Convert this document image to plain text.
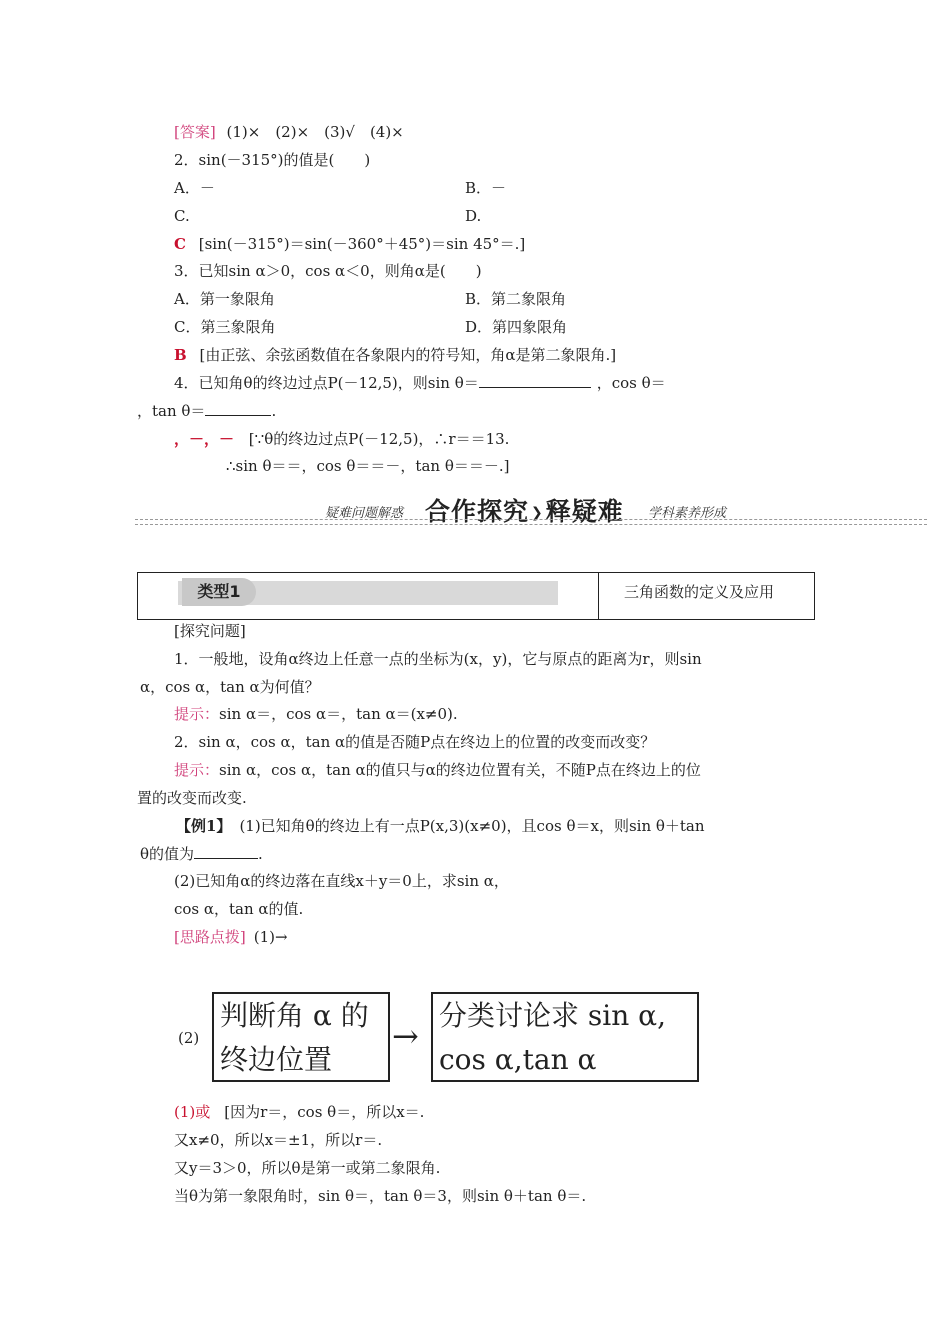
[答案] (1)×　(2)×　(3)√　(4)×
2．sin(－315°)的值是(　　)
A．－	B．－
C.	D.
C [sin(－315°)＝sin(－360°＋45°)＝sin 45°＝.]
3．已知sin α＞0，cos α＜0，则角α是(　　)
A．第一象限角	B．第二象限角
C．第三象限角	D．第四象限角
B [由正弦、余弦函数值在各象限内的符号知，角α是第二象限角.]
4．已知角θ的终边过点P(－12,5)，则sin θ＝	，cos θ＝
，tan θ＝	.
，－，－ [∵θ的终边过点P(－12,5)，∴r＝＝13.
∴sin θ＝＝，cos θ＝＝－，tan θ＝＝－.]
疑难问题解惑 合作探究 ❯释疑难 学科素养形成
类型1	三角函数的定义及应用
[探究问题]
1．一般地，设角α终边上任意一点的坐标为(x，y)，它与原点的距离为r，则sin
α，cos α，tan α为何值？
提示：sin α＝，cos α＝，tan α＝(x≠0).
2．sin α，cos α，tan α的值是否随P点在终边上的位置的改变而改变？
提示：sin α，cos α，tan α的值只与α的终边位置有关，不随P点在终边上的位
置的改变而改变.
【例1】 (1)已知角θ的终边上有一点P(x,3)(x≠0)，且cos θ＝x，则sin θ＋tan
θ的值为	.
(2)已知角α的终边落在直线x＋y＝0上，求sin α，
cos α，tan α的值.
[思路点拨] (1)→
(2)
判断角 α 的
终边位置
→
分类讨论求 sin α,
cos α,tan α
(1)或 [因为r＝，cos θ＝，所以x＝.
又x≠0，所以x＝±1，所以r＝.
又y＝3＞0，所以θ是第一或第二象限角.
当θ为第一象限角时，sin θ＝，tan θ＝3，则sin θ＋tan θ＝.
